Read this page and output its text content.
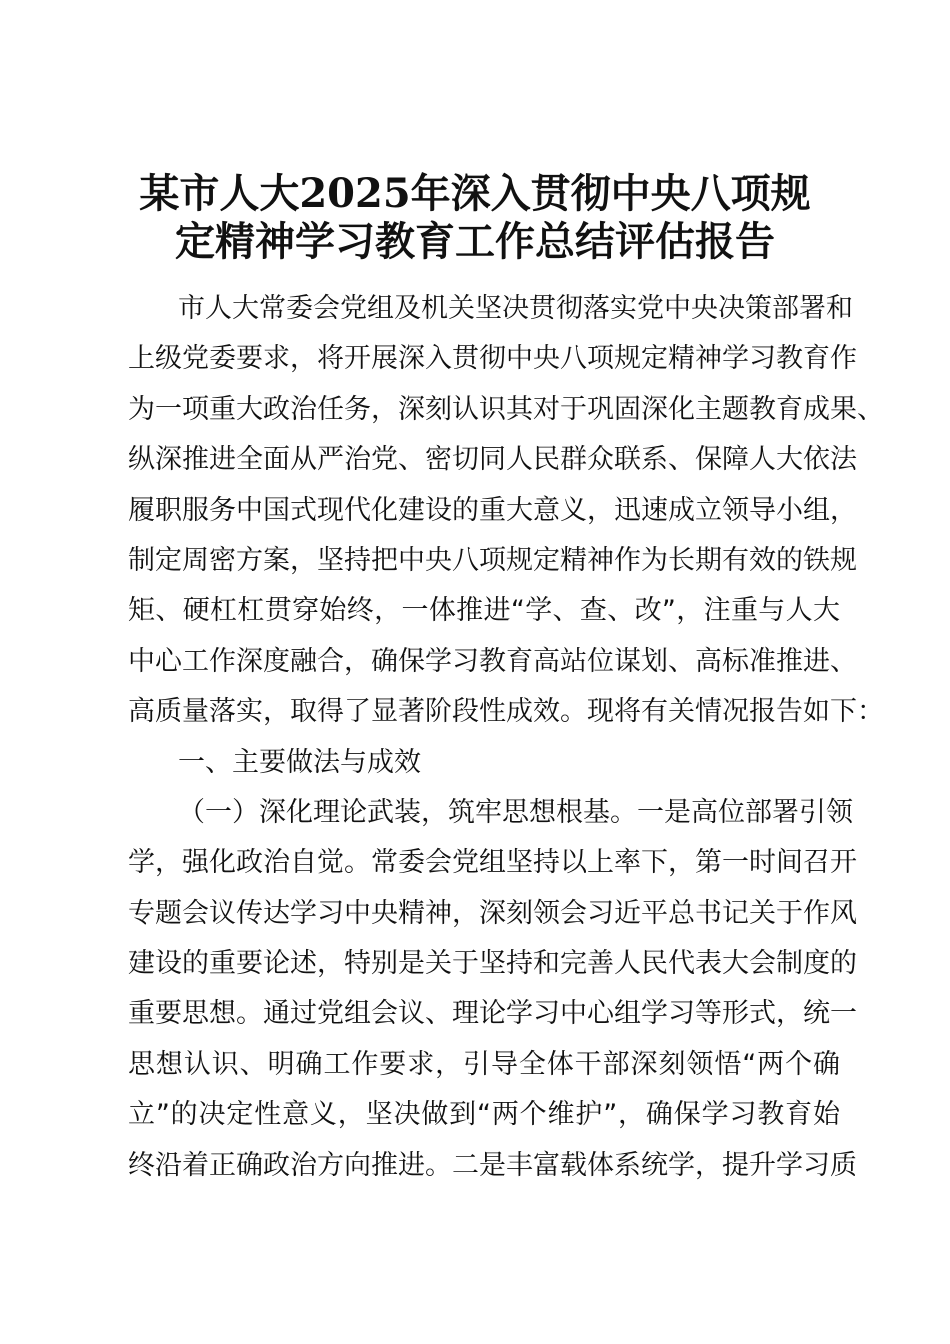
某市人大2025年深入贯彻中央八项规
定精神学习教育工作总结评估报告
市人大常委会党组及机关坚决贯彻落实党中央决策部署和
上级党委要求，将开展深入贯彻中央八项规定精神学习教育作
为一项重大政治任务，深刻认识其对于巩固深化主题教育成果、
纵深推进全面从严治党、密切同人民群众联系、保障人大依法
履职服务中国式现代化建设的重大意义，迅速成立领导小组，
制定周密方案，坚持把中央八项规定精神作为长期有效的铁规
矩、硬杠杠贯穿始终，一体推进“学、查、改”，注重与人大
中心工作深度融合，确保学习教育高站位谋划、高标准推进、
高质量落实，取得了显著阶段性成效。现将有关情况报告如下：
一、主要做法与成效
（一）深化理论武装，筑牢思想根基。一是高位部署引领
学，强化政治自觉。常委会党组坚持以上率下，第一时间召开
专题会议传达学习中央精神，深刻领会习近平总书记关于作风
建设的重要论述，特别是关于坚持和完善人民代表大会制度的
重要思想。通过党组会议、理论学习中心组学习等形式，统一
思想认识、明确工作要求，引导全体干部深刻领悟“两个确
立”的决定性意义，坚决做到“两个维护”，确保学习教育始
终沿着正确政治方向推进。二是丰富载体系统学，提升学习质
